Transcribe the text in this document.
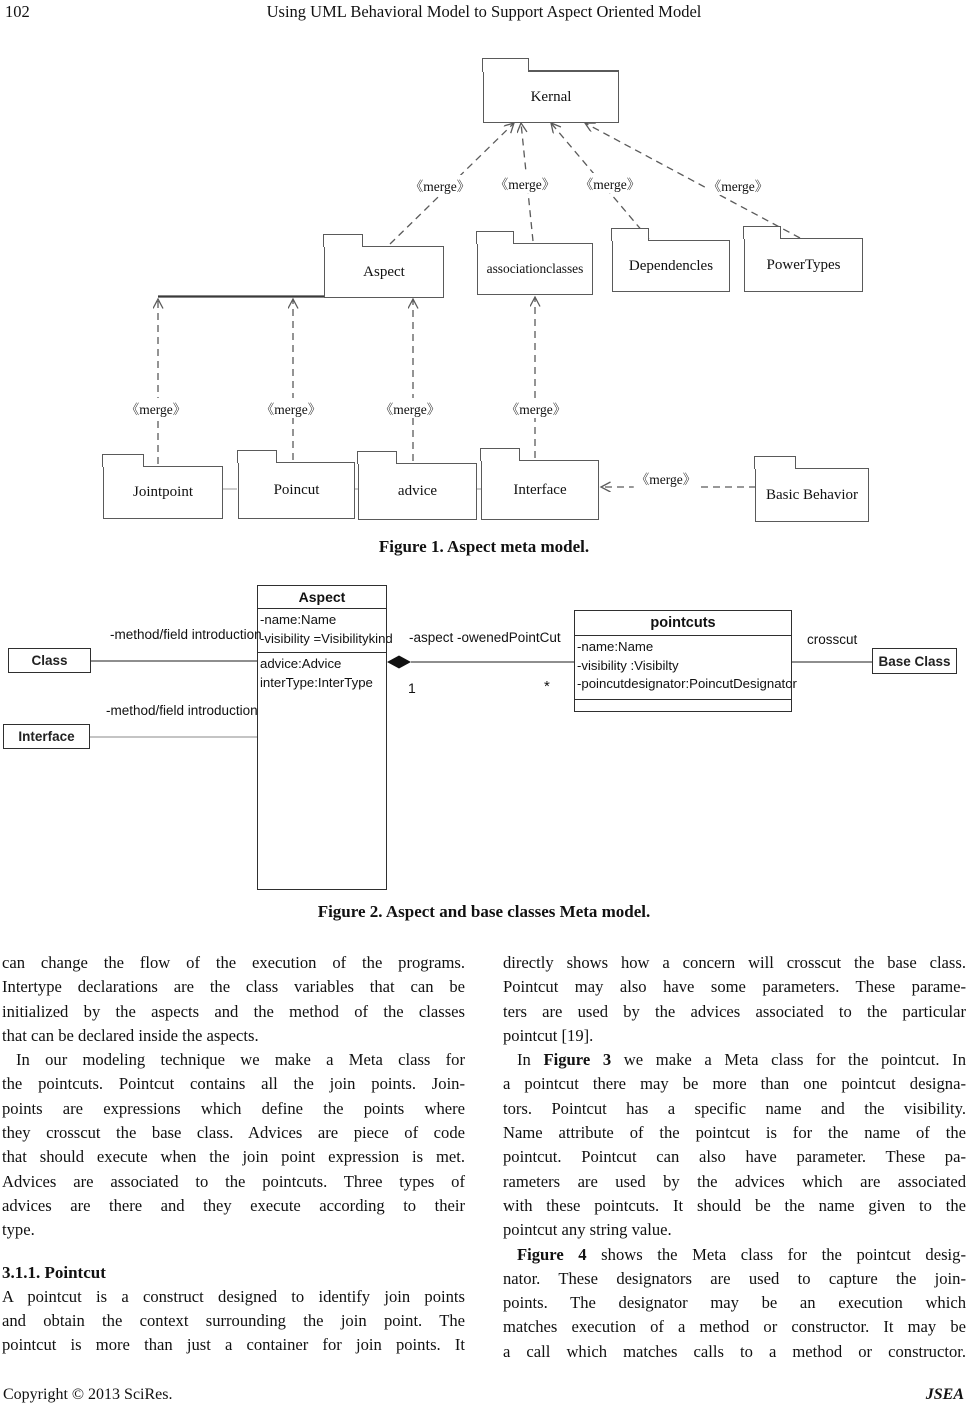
102	Using UML Behavioral Model to Support Aspect Oriented Model
Kernal
Aspect	associationclasses	Dependencles	PowerTypes
Jointpoint	Poincut	advice	Interface	Basic Behavior
《merge》 《merge》 《merge》	《merge》
《merge》	《merge》	《merge》	《merge》
《merge》
Figure 1. Aspect meta model.
Aspect
-name:Name
-visibility =Visibilitykind
advice:Advice
interType:InterType
pointcuts
-name:Name
-visibility :Visibilty
-poincutdesignator:PoincutDesignator
Class
Interface
Base Class
-method/field introduction
-method/field introduction
-aspect -owenedPointCut	crosscut
1	*
Figure 2. Aspect and base classes Meta model.
can change the flow of the execution of the programs.
Intertype declarations are the class variables that can be
initialized by the aspects and the method of the classes
that can be declared inside the aspects.
In our modeling technique we make a Meta class for
the pointcuts. Pointcut contains all the join points. Join-
points are expressions which define the points where
they crosscut the base class. Advices are piece of code
that should execute when the join point expression is met.
Advices are associated to the pointcuts. Three types of
advices are there and they execute according to their
type.
3.1.1. Pointcut
A pointcut is a construct designed to identify join points
and obtain the context surrounding the join point. The
pointcut is more than just a container for join points. It
directly shows how a concern will crosscut the base class.
Pointcut may also have some parameters. These parame-
ters are used by the advices associated to the particular
pointcut [19].
In Figure 3 we make a Meta class for the pointcut. In
a pointcut there may be more than one pointcut designa-
tors. Pointcut has a specific name and the visibility.
Name attribute of the pointcut is for the name of the
pointcut. Pointcut can also have parameter. These pa-
rameters are used by the advices which are associated
with these pointcuts. It should be the name given to the
pointcut any string value.
Figure 4 shows the Meta class for the pointcut desig-
nator. These designators are used to capture the join-
points. The designator may be an execution which
matches execution of a method or constructor. It may be
a call which matches calls to a method or constructor.
Copyright © 2013 SciRes.	JSEA
